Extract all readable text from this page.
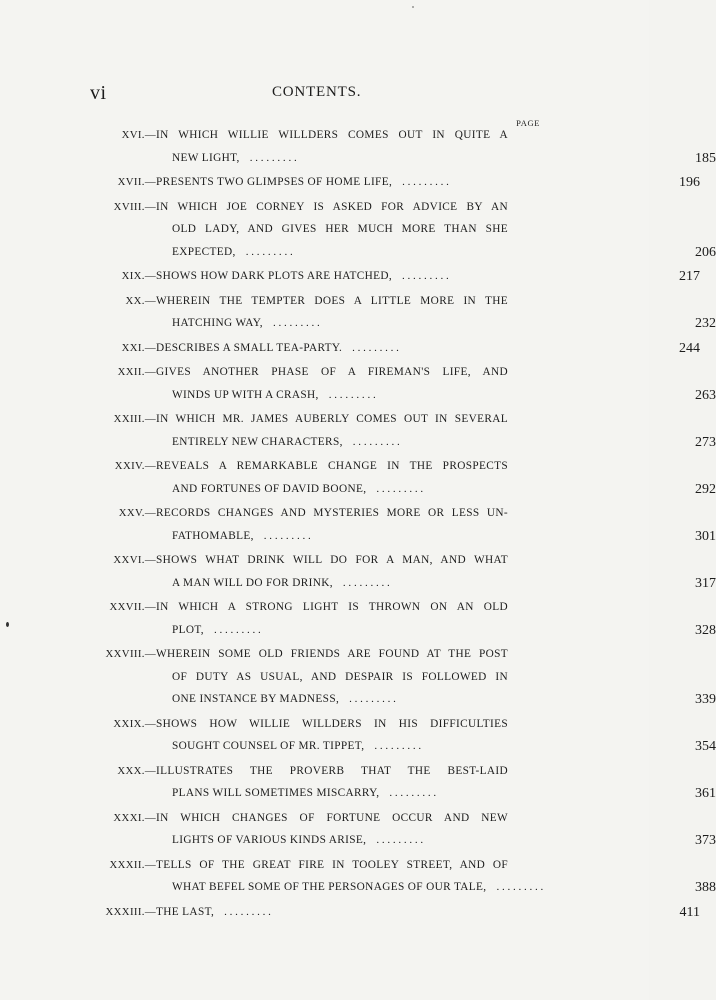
vi	CONTENTS.
PAGE
XVI.— IN WHICH WILLIE WILLDERS COMES OUT IN QUITE A
NEW LIGHT, . . . . . . . . .	185
XVII.— PRESENTS TWO GLIMPSES OF HOME LIFE, . . . . . . . . .	196
XVIII.— IN WHICH JOE CORNEY IS ASKED FOR ADVICE BY AN
OLD LADY, AND GIVES HER MUCH MORE THAN SHE
EXPECTED, . . . . . . . . .	206
XIX.— SHOWS HOW DARK PLOTS ARE HATCHED, . . . . . . . . .	217
XX.— WHEREIN THE TEMPTER DOES A LITTLE MORE IN THE
HATCHING WAY, . . . . . . . . .	232
XXI.— DESCRIBES A SMALL TEA-PARTY. . . . . . . . . .	244
XXII.— GIVES ANOTHER PHASE OF A FIREMAN'S LIFE, AND
WINDS UP WITH A CRASH, . . . . . . . . .	263
XXIII.— IN WHICH MR. JAMES AUBERLY COMES OUT IN SEVERAL
ENTIRELY NEW CHARACTERS, . . . . . . . . .	273
XXIV.— REVEALS A REMARKABLE CHANGE IN THE PROSPECTS
AND FORTUNES OF DAVID BOONE, . . . . . . . . .	292
XXV.— RECORDS CHANGES AND MYSTERIES MORE OR LESS UN-
FATHOMABLE, . . . . . . . . .	301
XXVI.— SHOWS WHAT DRINK WILL DO FOR A MAN, AND WHAT
A MAN WILL DO FOR DRINK, . . . . . . . . .	317
XXVII.— IN WHICH A STRONG LIGHT IS THROWN ON AN OLD
PLOT, . . . . . . . . .	328
XXVIII.— WHEREIN SOME OLD FRIENDS ARE FOUND AT THE POST
OF DUTY AS USUAL, AND DESPAIR IS FOLLOWED IN
ONE INSTANCE BY MADNESS, . . . . . . . . .	339
XXIX.— SHOWS HOW WILLIE WILLDERS IN HIS DIFFICULTIES
SOUGHT COUNSEL OF MR. TIPPET, . . . . . . . . .	354
XXX.— ILLUSTRATES THE PROVERB THAT THE BEST-LAID
PLANS WILL SOMETIMES MISCARRY, . . . . . . . . .	361
XXXI.— IN WHICH CHANGES OF FORTUNE OCCUR AND NEW
LIGHTS OF VARIOUS KINDS ARISE, . . . . . . . . .	373
XXXII.— TELLS OF THE GREAT FIRE IN TOOLEY STREET, AND OF
WHAT BEFEL SOME OF THE PERSONAGES OF OUR TALE, . . . . . . . . .	388
XXXIII.— THE LAST, . . . . . . . . .	411
